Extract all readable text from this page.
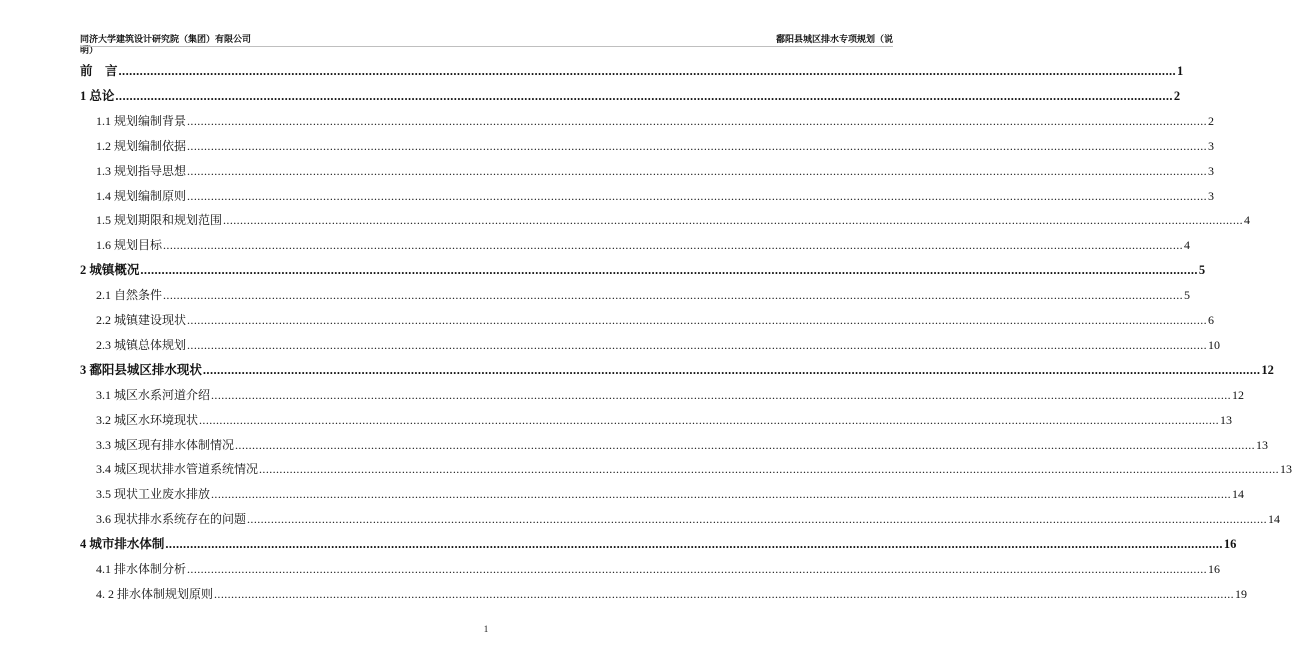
同济大学建筑设计研究院（集团）有限公司	鄱阳县城区排水专项规划（说
明）
前　言 ............................................................................................................................................................................................................................................................................................................ 1
1 总论 ............................................................................................................................................................................................................................................................................................................ 2
1.1 规划编制背景 ............................................................................................................................................................................................................................................................................................................ 2
1.2 规划编制依据 ............................................................................................................................................................................................................................................................................................................ 3
1.3 规划指导思想 ............................................................................................................................................................................................................................................................................................................ 3
1.4 规划编制原则 ............................................................................................................................................................................................................................................................................................................ 3
1.5 规划期限和规划范围 ............................................................................................................................................................................................................................................................................................................ 4
1.6 规划目标 ............................................................................................................................................................................................................................................................................................................ 4
2 城镇概况 ............................................................................................................................................................................................................................................................................................................ 5
2.1 自然条件 ............................................................................................................................................................................................................................................................................................................ 5
2.2 城镇建设现状 ............................................................................................................................................................................................................................................................................................................ 6
2.3 城镇总体规划 ............................................................................................................................................................................................................................................................................................................ 10
3 鄱阳县城区排水现状 ............................................................................................................................................................................................................................................................................................................ 12
3.1 城区水系河道介绍 ............................................................................................................................................................................................................................................................................................................ 12
3.2 城区水环境现状 ............................................................................................................................................................................................................................................................................................................ 13
3.3 城区现有排水体制情况 ............................................................................................................................................................................................................................................................................................................ 13
3.4 城区现状排水管道系统情况 ............................................................................................................................................................................................................................................................................................................ 13
3.5 现状工业废水排放 ............................................................................................................................................................................................................................................................................................................ 14
3.6 现状排水系统存在的问题 ............................................................................................................................................................................................................................................................................................................ 14
4 城市排水体制 ............................................................................................................................................................................................................................................................................................................ 16
4.1 排水体制分析 ............................................................................................................................................................................................................................................................................................................ 16
4. 2 排水体制规划原则 ............................................................................................................................................................................................................................................................................................................ 19
1
